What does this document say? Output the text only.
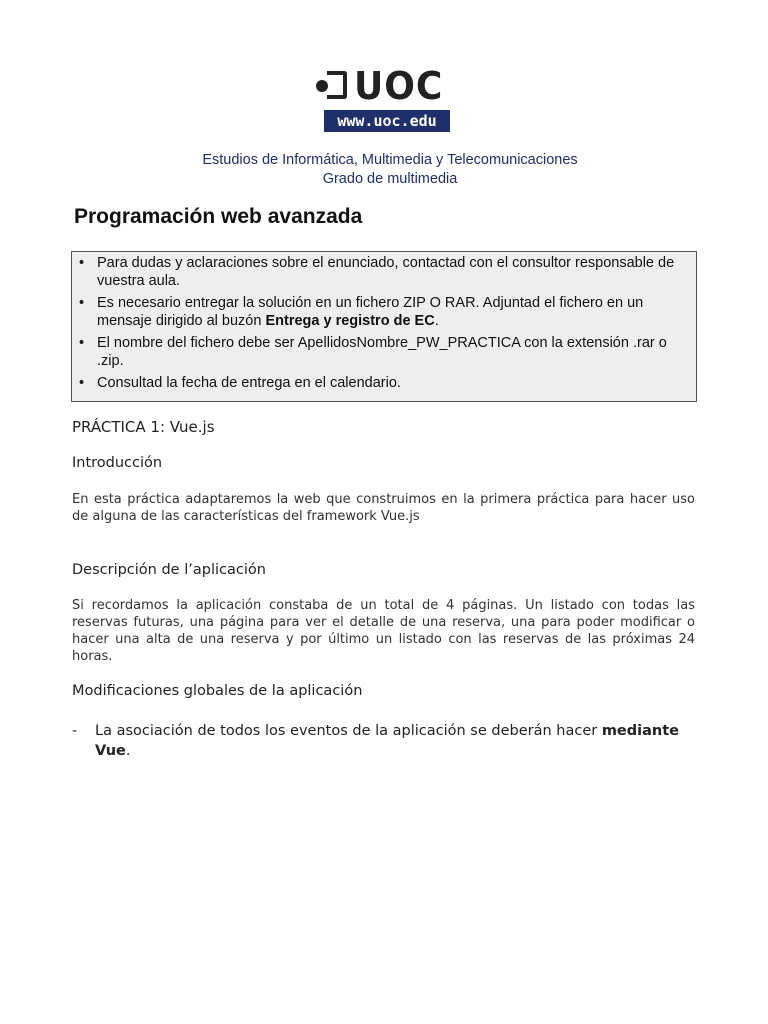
UOC
www.uoc.edu
Estudios de Informática, Multimedia y Telecomunicaciones
Grado de multimedia
Programación web avanzada
• Para dudas y aclaraciones sobre el enunciado, contactad con el consultor responsable de vuestra aula.
• Es necesario entregar la solución en un fichero ZIP O RAR. Adjuntad el fichero en un mensaje dirigido al buzón Entrega y registro de EC.
• El nombre del fichero debe ser ApellidosNombre_PW_PRACTICA con la extensión .rar o .zip.
• Consultad la fecha de entrega en el calendario.
PRÁCTICA 1: Vue.js
Introducción
En esta práctica adaptaremos la web que construimos en la primera práctica para hacer uso de alguna de las características del framework Vue.js
Descripción de l’aplicación
Si recordamos la aplicación constaba de un total de 4 páginas. Un listado con todas las reservas futuras, una página para ver el detalle de una reserva, una para poder modificar o hacer una alta de una reserva y por último un listado con las reservas de las próximas 24 horas.
Modificaciones globales de la aplicación
- La asociación de todos los eventos de la aplicación se deberán hacer mediante Vue.
